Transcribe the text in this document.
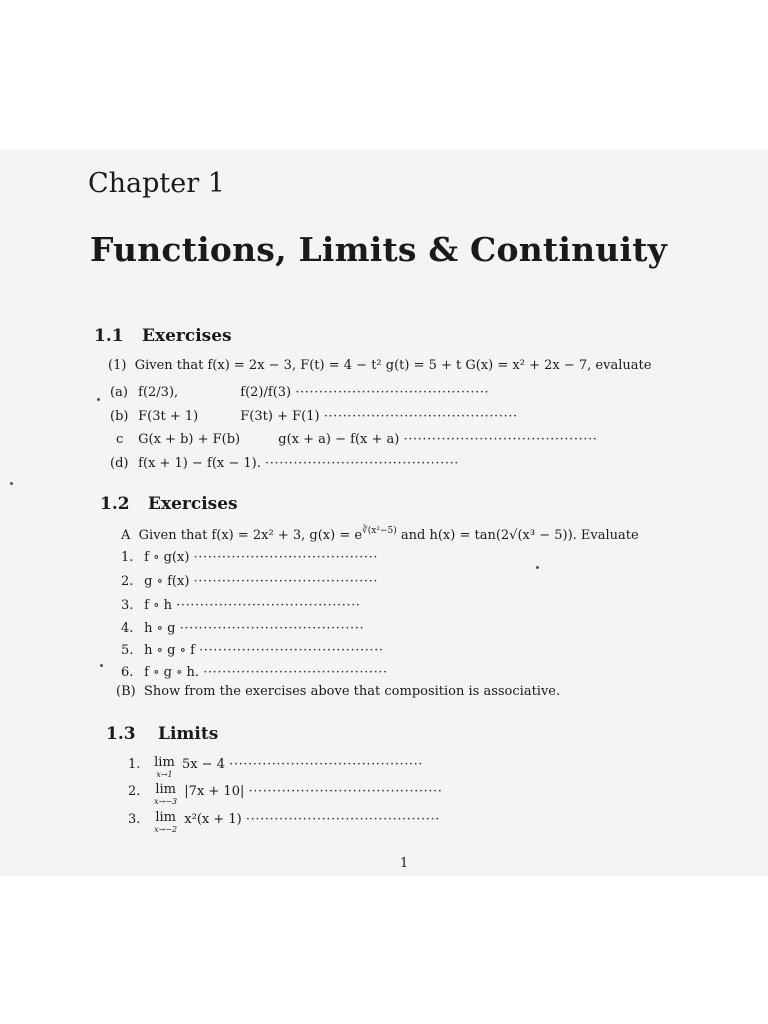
Chapter 1
Functions, Limits & Continuity
1.1 Exercises
(1) Given that f(x) = 2x − 3, F(t) = 4 − t² g(t) = 5 + t G(x) = x² + 2x − 7, evaluate
(a) f(2/3),	f(2)/f(3) ·········································
(b) F(3t + 1)	F(3t) + F(1) ·········································
c G(x + b) + F(b)	g(x + a) − f(x + a) ·········································
(d) f(x + 1) − f(x − 1). ·········································
1.2 Exercises
A Given that f(x) = 2x² + 3, $g(x) = e^{∛(x^2-5)}$ and h(x) = tan(2√(x³ − 5)). Evaluate
1. f ∘ g(x) ·······································
2. g ∘ f(x) ·······································
3. f ∘ h ·······································
4. h ∘ g ·······································
5. h ∘ g ∘ f ·······································
6. f ∘ g ∘ h. ·······································
(B) Show from the exercises above that composition is associative.
1.3 Limits
1. lim
x→1
5x − 4 ·········································
2. lim
x→−3
|7x + 10| ·········································
3. lim
x→−2
x²(x + 1) ·········································
1
